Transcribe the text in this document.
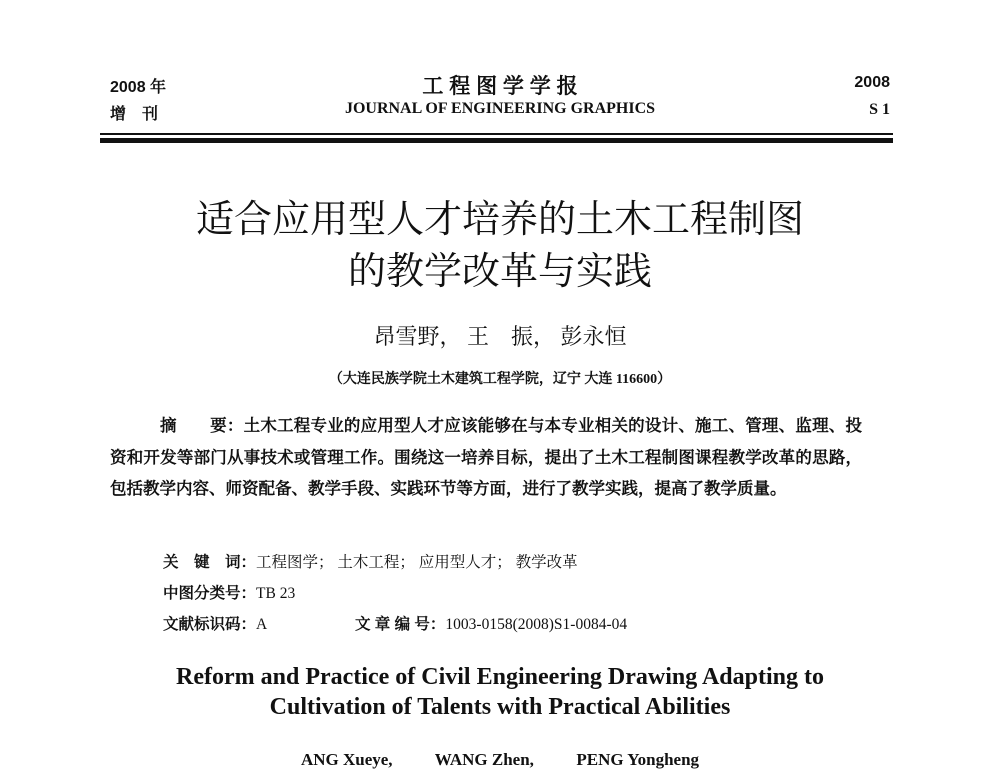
2008 年
增　刊
工 程 图 学 学 报
JOURNAL OF ENGINEERING GRAPHICS
2008
S 1
适合应用型人才培养的土木工程制图
的教学改革与实践
昂雪野， 王　振， 彭永恒
（大连民族学院土木建筑工程学院，辽宁 大连 116600）
摘　　要：土木工程专业的应用型人才应该能够在与本专业相关的设计、施工、管理、监理、投资和开发等部门从事技术或管理工作。围绕这一培养目标，提出了土木工程制图课程教学改革的思路，包括教学内容、师资配备、教学手段、实践环节等方面，进行了教学实践，提高了教学质量。
关　键　词：工程图学； 土木工程； 应用型人才； 教学改革
中图分类号：TB 23
文献标识码：A	文 章 编 号：1003-0158(2008)S1-0084-04
Reform and Practice of Civil Engineering Drawing Adapting to
Cultivation of Talents with Practical Abilities
ANG Xueye,          WANG Zhen,          PENG Yongheng
